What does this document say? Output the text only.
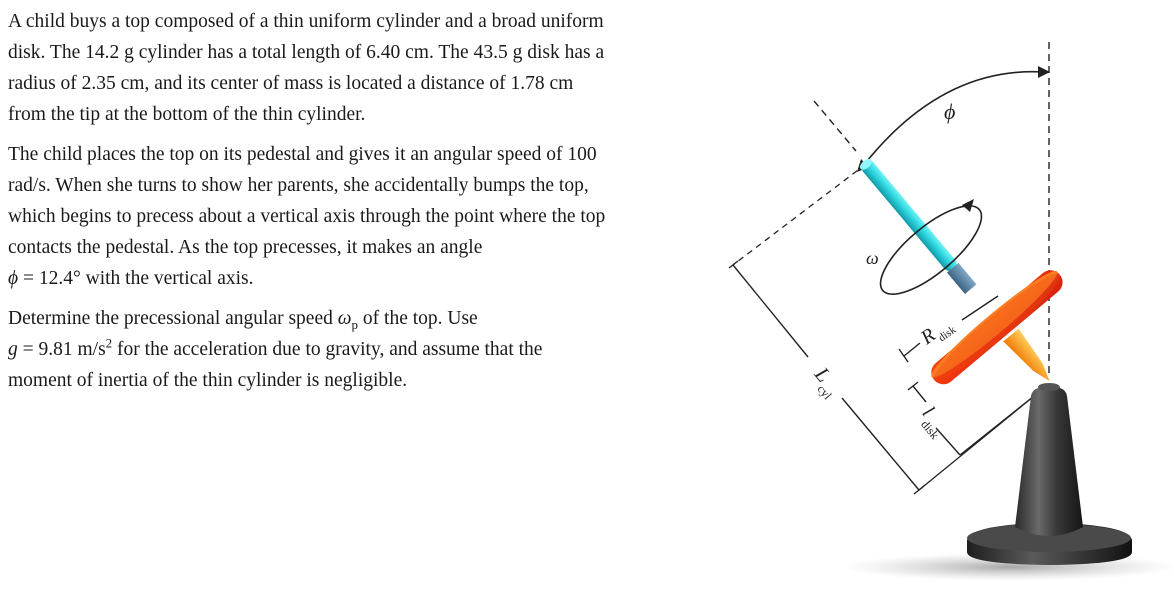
A child buys a top composed of a thin uniform cylinder and a broad uniform disk. The 14.2 g cylinder has a total length of 6.40 cm. The 43.5 g disk has a radius of 2.35 cm, and its center of mass is located a distance of 1.78 cm from the tip at the bottom of the thin cylinder.

The child places the top on its pedestal and gives it an angular speed of 100 rad/s. When she turns to show her parents, she accidentally bumps the top, which begins to precess about a vertical axis through the point where the top contacts the pedestal. As the top precesses, it makes an angle
ϕ = 12.4° with the vertical axis.

Determine the precessional angular speed $\omega_p$ of the top. Use
g = 9.81 $m/s^2$ for the acceleration due to gravity, and assume that the moment of inertia of the thin cylinder is negligible.

ϕ
L
cyl
l
disk
ω
R
disk
